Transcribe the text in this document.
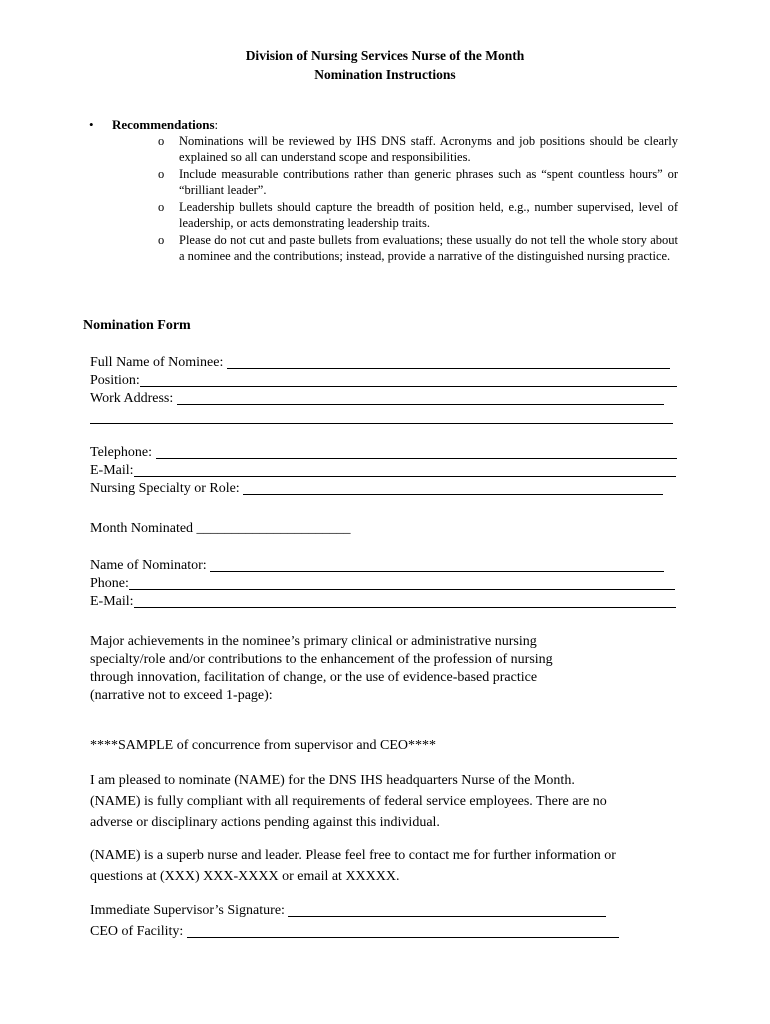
Division of Nursing Services Nurse of the Month
Nomination Instructions
• Recommendations:
o Nominations will be reviewed by IHS DNS staff. Acronyms and job positions should be clearly explained so all can understand scope and responsibilities.
o Include measurable contributions rather than generic phrases such as “spent countless hours” or “brilliant leader”.
o Leadership bullets should capture the breadth of position held, e.g., number supervised, level of leadership, or acts demonstrating leadership traits.
o Please do not cut and paste bullets from evaluations; these usually do not tell the whole story about a nominee and the contributions; instead, provide a narrative of the distinguished nursing practice.
Nomination Form
Full Name of Nominee:
Position:
Work Address:
Telephone:
E-Mail:
Nursing Specialty or Role:
Month Nominated ______________________
Name of Nominator:
Phone:
E-Mail:
Major achievements in the nominee’s primary clinical or administrative nursing
specialty/role and/or contributions to the enhancement of the profession of nursing
through innovation, facilitation of change, or the use of evidence-based practice
(narrative not to exceed 1-page):
****SAMPLE of concurrence from supervisor and CEO****
I am pleased to nominate (NAME) for the DNS IHS headquarters Nurse of the Month.
(NAME) is fully compliant with all requirements of federal service employees. There are no
adverse or disciplinary actions pending against this individual.
(NAME) is a superb nurse and leader. Please feel free to contact me for further information or
questions at (XXX) XXX-XXXX or email at XXXXX.
Immediate Supervisor’s Signature:
CEO of Facility:
